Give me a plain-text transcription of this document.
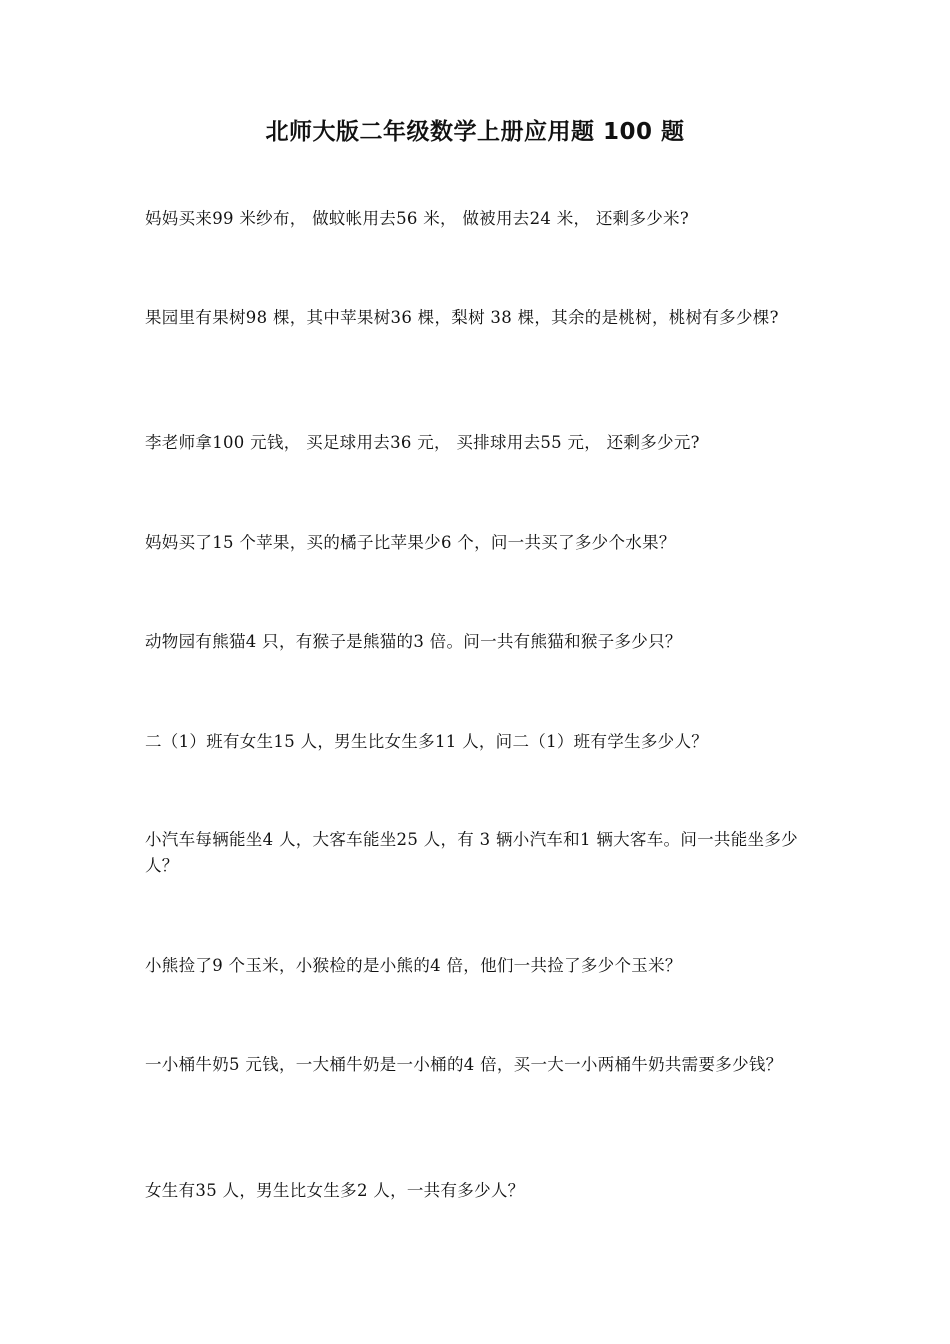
北师大版二年级数学上册应用题 100 题

妈妈买来99 米纱布， 做蚊帐用去56 米， 做被用去24 米， 还剩多少米?

果园里有果树98 棵，其中苹果树36 棵，梨树 38 棵，其余的是桃树，桃树有多少棵?

李老师拿100 元钱， 买足球用去36 元， 买排球用去55 元， 还剩多少元?

妈妈买了15 个苹果，买的橘子比苹果少6 个，问一共买了多少个水果？

动物园有熊猫4 只，有猴子是熊猫的3 倍。问一共有熊猫和猴子多少只？

二（1）班有女生15 人，男生比女生多11 人，问二（1）班有学生多少人？

小汽车每辆能坐4 人，大客车能坐25 人，有 3 辆小汽车和1 辆大客车。问一共能坐多少人？

小熊捡了9 个玉米，小猴检的是小熊的4 倍，他们一共捡了多少个玉米？

一小桶牛奶5 元钱，一大桶牛奶是一小桶的4 倍，买一大一小两桶牛奶共需要多少钱？

女生有35 人，男生比女生多2 人，一共有多少人？
